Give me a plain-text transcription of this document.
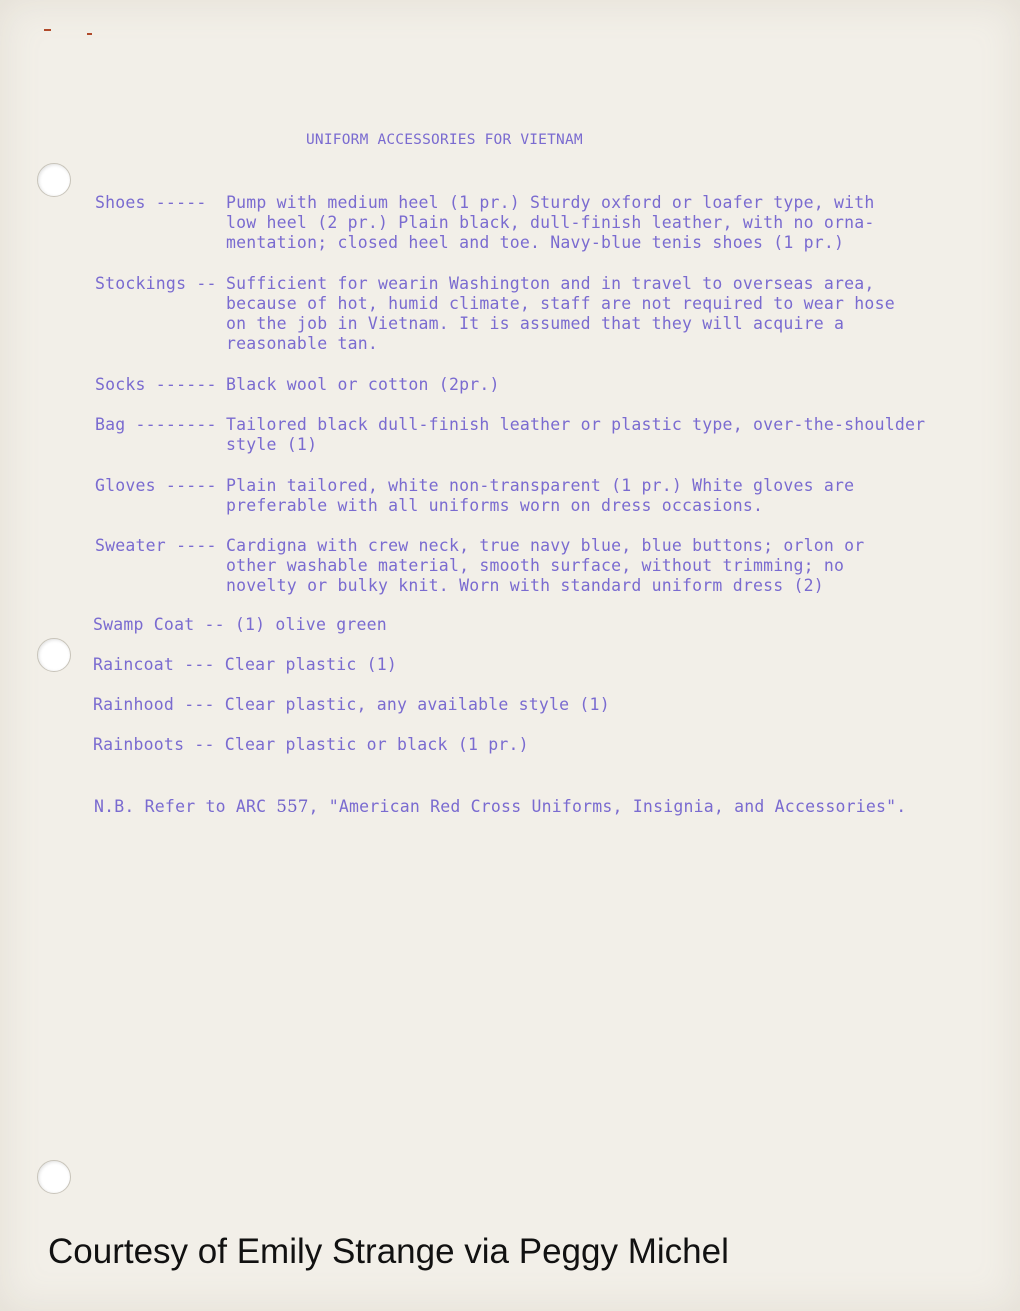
UNIFORM ACCESSORIES FOR VIETNAM
Shoes ----- Pump with medium heel (1 pr.) Sturdy oxford or loafer type, with
low heel (2 pr.) Plain black, dull-finish leather, with no orna-
mentation; closed heel and toe. Navy-blue tenis shoes (1 pr.)
Stockings -- Sufficient for wearin Washington and in travel to overseas area,
because of hot, humid climate, staff are not required to wear hose
on the job in Vietnam. It is assumed that they will acquire a
reasonable tan.
Socks ------ Black wool or cotton (2pr.)
Bag -------- Tailored black dull-finish leather or plastic type, over-the-shoulder
style (1)
Gloves ----- Plain tailored, white non-transparent (1 pr.) White gloves are
preferable with all uniforms worn on dress occasions.
Sweater ---- Cardigna with crew neck, true navy blue, blue buttons; orlon or
other washable material, smooth surface, without trimming; no
novelty or bulky knit. Worn with standard uniform dress (2)
Swamp Coat -- (1) olive green
Raincoat --- Clear plastic (1)
Rainhood --- Clear plastic, any available style (1)
Rainboots -- Clear plastic or black (1 pr.)
N.B. Refer to ARC 557, "American Red Cross Uniforms, Insignia, and Accessories".
Courtesy of Emily Strange via Peggy Michel
